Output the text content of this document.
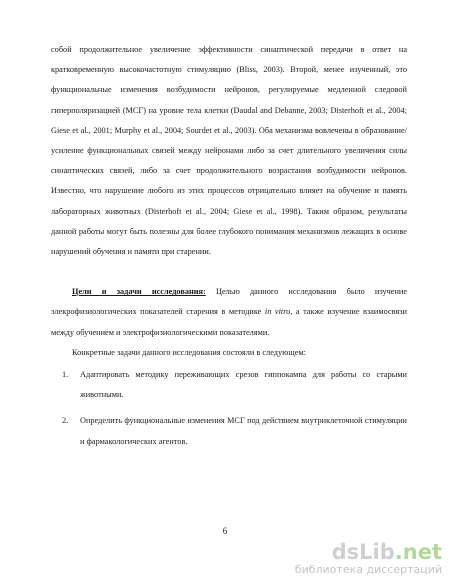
собой продолжительное увеличение эффективности синаптической передачи в ответ на кратковременную высокочастотную стимуляцию (Bliss, 2003). Второй, менее изученный, это функциональные изменения возбудимости нейронов, регулируемые медленной следовой гиперполяризацией (МСГ) на уровне тела клетки (Daudal and Debanne, 2003; Disterhoft et al., 2004; Giese et al., 2001; Murphy et al., 2004; Sourdet et al., 2003). Оба механизма вовлечены в образование/усиление функциональных связей между нейронами либо за счет длительного увеличения силы синаптических связей, либо за счет продолжительного возрастания возбудимости нейронов. Известно, что нарушение любого из этих процессов отрицательно влияет на обучение и память лабораторных животных (Disterhoft et al., 2004; Giese et al., 1998). Таким образом, результаты данной работы могут быть полезны для более глубокого понимания механизмов лежащих в основе нарушений обучения и памяти при старении.

Цели и задачи исследования: Целью данного исследования было изучение элекрофизиологических показателей старения в методике in vitro, а также изучение взаимосвязи между обучением и электрофизиологическими показателями.

Конкретные задачи данного исследования состояли в следующем:

1. Адаптировать методику переживающих срезов гиппокампа для работы со старыми животными.
2. Определить функциональные изменения МСГ под действием внутриклеточной стимуляции и фармакологических агентов.
6
dsLib.net
библиотека диссертаций
